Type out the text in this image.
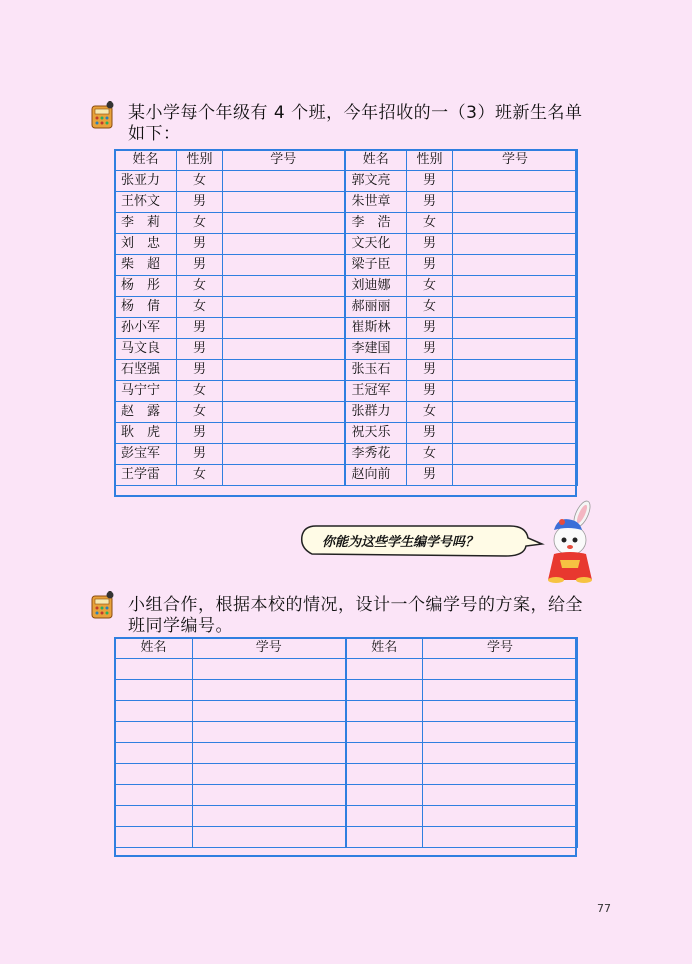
某小学每个年级有 4 个班，今年招收的一（3）班新生名单
如下：
姓名	性别	学号	姓名	性别	学号
张亚力	女		郭文亮	男	
王怀文	男		朱世章	男	
李　莉	女		李　浩	女	
刘　忠	男		文天化	男	
柴　超	男		梁子臣	男	
杨　彤	女		刘迪娜	女	
杨　倩	女		郝丽丽	女	
孙小军	男		崔斯林	男	
马文良	男		李建国	男	
石坚强	男		张玉石	男	
马宁宁	女		王冠军	男	
赵　露	女		张群力	女	
耿　虎	男		祝天乐	男	
彭宝军	男		李秀花	女	
王学雷	女		赵向前	男	
你能为这些学生编学号吗？
小组合作，根据本校的情况，设计一个编学号的方案，给全
班同学编号。
姓名	学号	姓名	学号

77
